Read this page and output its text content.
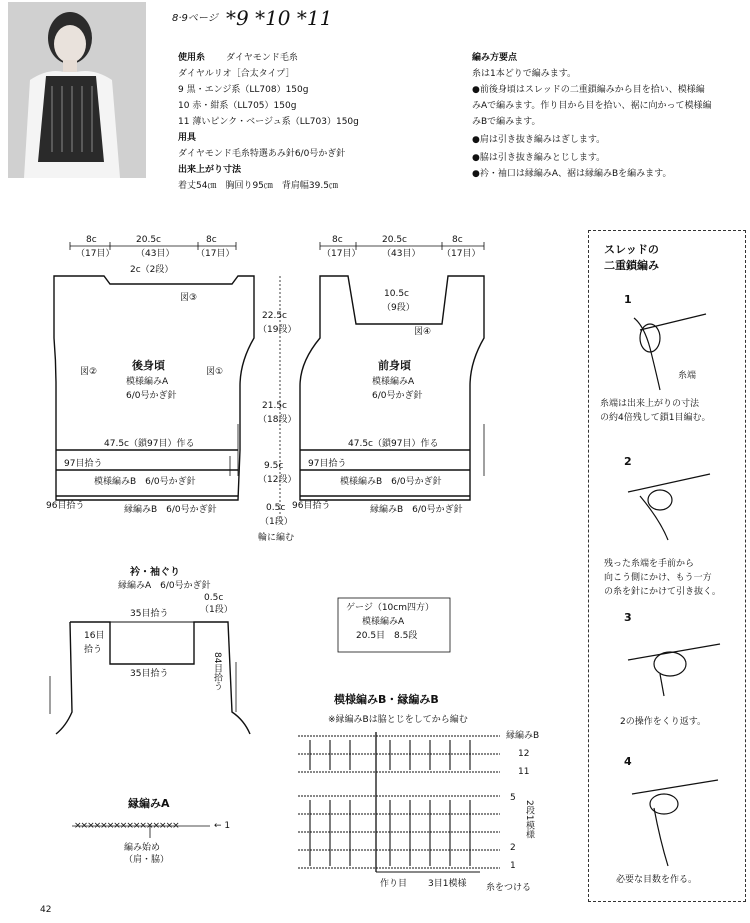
8·9ページ *9 *10 *11
使用糸 ダイヤモンド毛糸
ダイヤルリオ［合太タイプ］
9 黒・エンジ系（LL708）150g
10 赤・紺系（LL705）150g
11 薄いピンク・ベージュ系（LL703）150g
用具
ダイヤモンド毛糸特選あみ針6/0号かぎ針
出来上がり寸法
着丈54㎝　胸回り95㎝　背肩幅39.5㎝
編み方要点
糸は1本どりで編みます。
●前後身頃はスレッドの二重鎖編みから目を拾い、模様編
みAで編みます。作り目から目を拾い、裾に向かって模様編
みBで編みます。
●肩は引き抜き編みはぎします。
●脇は引き抜き編みとじします。
●衿・袖口は縁編みA、裾は縁編みBを編みます。
8c
（17目）
20.5c
（43目）
8c
（17目）
2c（2段）
図③
図②	図①
後身頃
模様編みA
6/0号かぎ針
47.5c（鎖97目）作る
97目拾う
模様編みB　6/0号かぎ針
96目拾う	縁編みB　6/0号かぎ針
22.5c
（19段）
21.5c
（18段）
9.5c
（12段）
0.5c
（1段）
輪に編む
8c
（17目）
20.5c
（43目）
8c
（17目）
10.5c
（9段）
図④
前身頃
模様編みA
6/0号かぎ針
47.5c（鎖97目）作る
97目拾う
模様編みB　6/0号かぎ針
96目拾う	縁編みB　6/0号かぎ針
衿・袖ぐり
縁編みA　6/0号かぎ針
0.5c
（1段）
35目拾う
35目拾う
16目
拾う
84目拾う
ゲージ（10cm四方）
模様編みA
20.5目　8.5段
縁編みA
××××××××××××××××	← 1
編み始め
（肩・脇）
模様編みB・縁編みB
※縁編みBは脇とじをしてから編む
縁編みB
12
11
5
2
1
2段1模様
作り目 3目1模様 糸をつける
スレッドの
二重鎖編み
1
糸端
糸端は出来上がりの寸法
の約4倍残して鎖1目編む。
2
残った糸端を手前から
向こう側にかけ、もう一方
の糸を針にかけて引き抜く。
3
2の操作をくり返す。
4
必要な目数を作る。
42
